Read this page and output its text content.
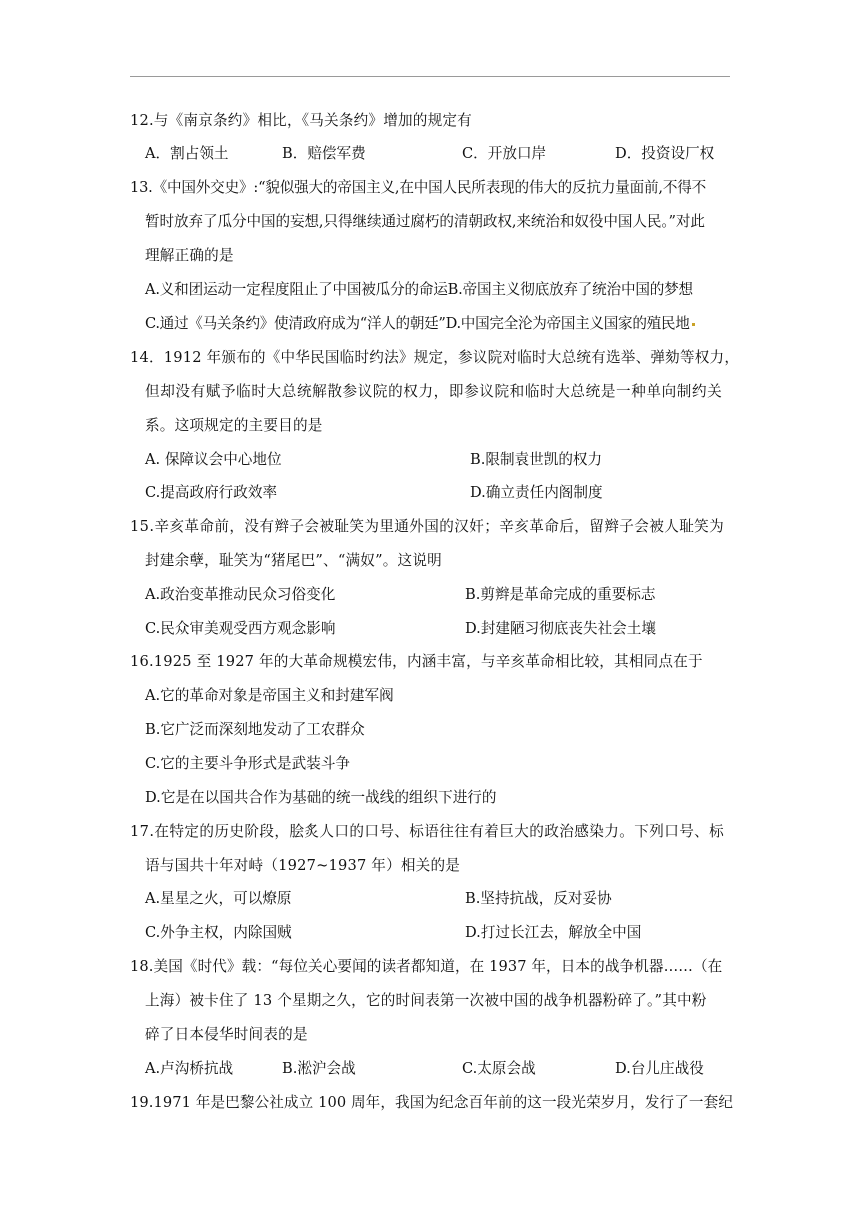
12.与《南京条约》相比，《马关条约》增加的规定有
A．割占领土	B．赔偿军费	C．开放口岸	D．投资设厂权
13.《中国外交史》:“貌似强大的帝国主义,在中国人民所表现的伟大的反抗力量面前,不得不
暂时放弃了瓜分中国的妄想,只得继续通过腐朽的清朝政权,来统治和奴役中国人民。”对此
理解正确的是
A.义和团运动一定程度阻止了中国被瓜分的命运B.帝国主义彻底放弃了统治中国的梦想
C.通过《马关条约》使清政府成为“洋人的朝廷”D.中国完全沦为帝国主义国家的殖民地
14．1912 年颁布的《中华民国临时约法》规定，参议院对临时大总统有选举、弹劾等权力，
但却没有赋予临时大总统解散参议院的权力，即参议院和临时大总统是一种单向制约关
系。这项规定的主要目的是
A. 保障议会中心地位	B.限制袁世凯的权力
C.提高政府行政效率	D.确立责任内阁制度
15.辛亥革命前，没有辫子会被耻笑为里通外国的汉奸；辛亥革命后，留辫子会被人耻笑为
封建余孽，耻笑为“猪尾巴”、“满奴”。这说明
A.政治变革推动民众习俗变化	B.剪辫是革命完成的重要标志
C.民众审美观受西方观念影响	D.封建陋习彻底丧失社会土壤
16.1925 至 1927 年的大革命规模宏伟，内涵丰富，与辛亥革命相比较，其相同点在于
A.它的革命对象是帝国主义和封建军阀
B.它广泛而深刻地发动了工农群众
C.它的主要斗争形式是武装斗争
D.它是在以国共合作为基础的统一战线的组织下进行的
17.在特定的历史阶段，脍炙人口的口号、标语往往有着巨大的政治感染力。下列口号、标
语与国共十年对峙（1927~1937 年）相关的是
A.星星之火，可以燎原	B.坚持抗战，反对妥协
C.外争主权，内除国贼	D.打过长江去，解放全中国
18.美国《时代》载：“每位关心要闻的读者都知道，在 1937 年，日本的战争机器……（在
上海）被卡住了 13 个星期之久，它的时间表第一次被中国的战争机器粉碎了。”其中粉
碎了日本侵华时间表的是
A.卢沟桥抗战	B.淞沪会战	C.太原会战	D.台儿庄战役
19.1971 年是巴黎公社成立 100 周年，我国为纪念百年前的这一段光荣岁月，发行了一套纪
